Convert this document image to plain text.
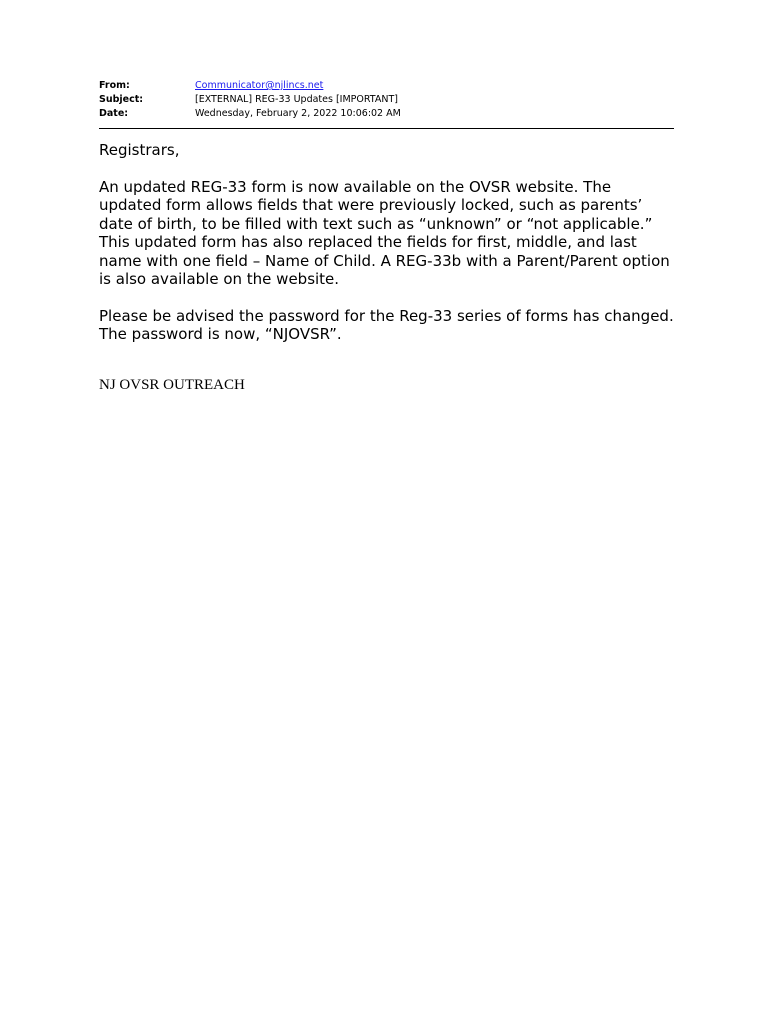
From:	Communicator@njlincs.net
Subject:	[EXTERNAL] REG-33 Updates [IMPORTANT]
Date:	Wednesday, February 2, 2022 10:06:02 AM

Registrars,

An updated REG-33 form is now available on the OVSR website. The updated form allows fields that were previously locked, such as parents’ date of birth, to be filled with text such as “unknown” or “not applicable.” This updated form has also replaced the fields for first, middle, and last name with one field – Name of Child. A REG-33b with a Parent/Parent option is also available on the website.

Please be advised the password for the Reg-33 series of forms has changed. The password is now, “NJOVSR”.

NJ OVSR OUTREACH
